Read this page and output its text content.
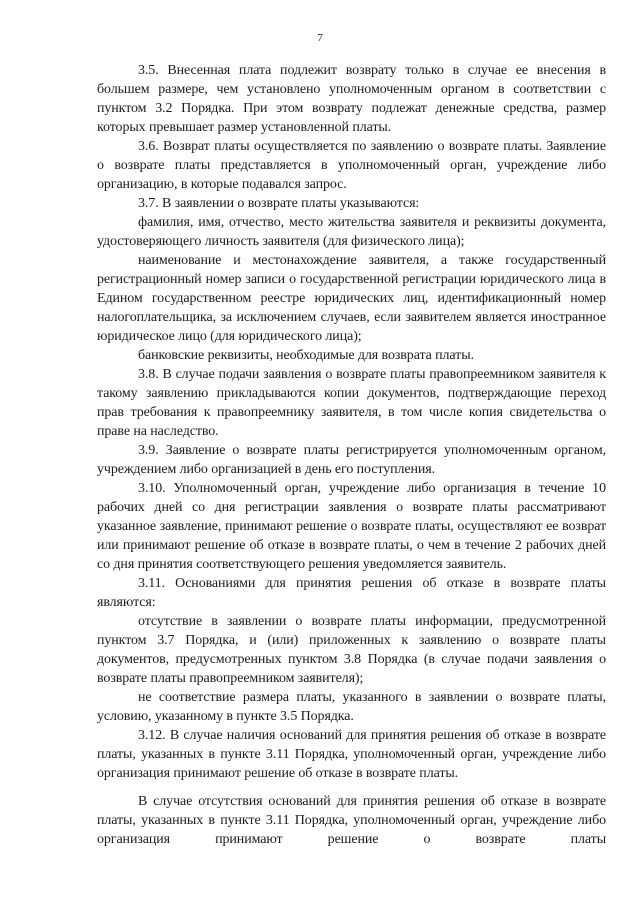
7

3.5. Внесенная плата подлежит возврату только в случае ее внесения в большем размере, чем установлено уполномоченным органом в соответствии с пунктом 3.2 Порядка. При этом возврату подлежат денежные средства, размер которых превышает размер установленной платы.

3.6. Возврат платы осуществляется по заявлению о возврате платы. Заявление о возврате платы представляется в уполномоченный орган, учреждение либо организацию, в которые подавался запрос.

3.7. В заявлении о возврате платы указываются:

фамилия, имя, отчество, место жительства заявителя и реквизиты документа, удостоверяющего личность заявителя (для физического лица);

наименование и местонахождение заявителя, а также государственный регистрационный номер записи о государственной регистрации юридического лица в Едином государственном реестре юридических лиц, идентификационный номер налогоплательщика, за исключением случаев, если заявителем является иностранное юридическое лицо (для юридического лица);

банковские реквизиты, необходимые для возврата платы.

3.8. В случае подачи заявления о возврате платы правопреемником заявителя к такому заявлению прикладываются копии документов, подтверждающие переход прав требования к правопреемнику заявителя, в том числе копия свидетельства о праве на наследство.

3.9. Заявление о возврате платы регистрируется уполномоченным органом, учреждением либо организацией в день его поступления.

3.10. Уполномоченный орган, учреждение либо организация в течение 10 рабочих дней со дня регистрации заявления о возврате платы рассматривают указанное заявление, принимают решение о возврате платы, осуществляют ее возврат или принимают решение об отказе в возврате платы, о чем в течение 2 рабочих дней со дня принятия соответствующего решения уведомляется заявитель.

3.11. Основаниями для принятия решения об отказе в возврате платы являются:

отсутствие в заявлении о возврате платы информации, предусмотренной пунктом 3.7 Порядка, и (или) приложенных к заявлению о возврате платы документов, предусмотренных пунктом 3.8 Порядка (в случае подачи заявления о возврате платы правопреемником заявителя);

не соответствие размера платы, указанного в заявлении о возврате платы, условию, указанному в пункте 3.5 Порядка.

3.12. В случае наличия оснований для принятия решения об отказе в возврате платы, указанных в пункте 3.11 Порядка, уполномоченный орган, учреждение либо организация принимают решение об отказе в возврате платы.

В случае отсутствия оснований для принятия решения об отказе в возврате платы, указанных в пункте 3.11 Порядка, уполномоченный орган, учреждение либо организация принимают решение о возврате платы
